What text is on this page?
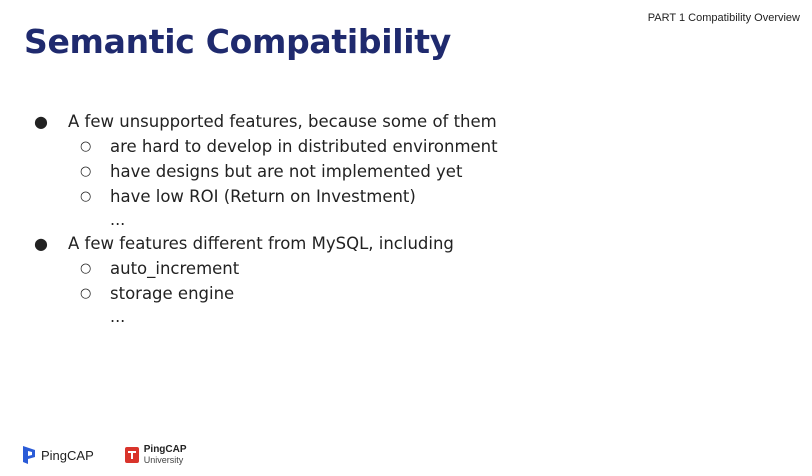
PART 1 Compatibility Overview
Semantic Compatibility
● A few unsupported features, because some of them
○ are hard to develop in distributed environment
○ have designs but are not implemented yet
○ have low ROI (Return on Investment)
...
● A few features different from MySQL, including
○ auto_increment
○ storage engine
...
PingCAP	PingCAP
University
